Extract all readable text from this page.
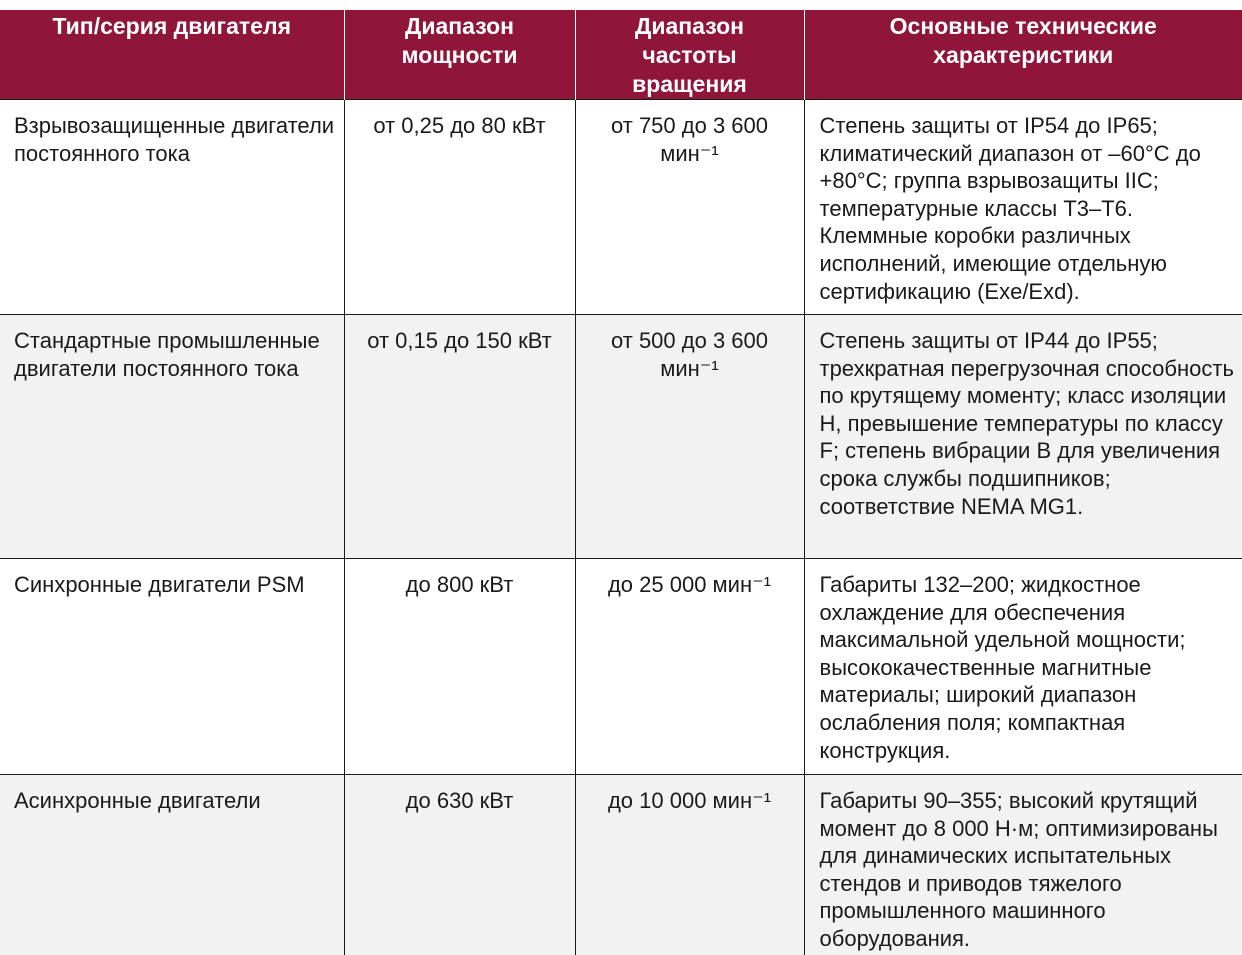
Тип/серия двигателя	Диапазон мощности	Диапазон частоты вращения	Основные технические характеристики
Взрывозащищенные двигатели постоянного тока	от 0,25 до 80 кВт	от 750 до 3 600 мин⁻¹	Степень защиты от IP54 до IP65; климатический диапазон от –60°C до +80°C; группа взрывозащиты IIC; температурные классы Т3–Т6. Клеммные коробки различных исполнений, имеющие отдельную сертификацию (Exe/Exd).
Стандартные промышленные двигатели постоянного тока	от 0,15 до 150 кВт	от 500 до 3 600 мин⁻¹	Степень защиты от IP44 до IP55; трехкратная перегрузочная способность по крутящему моменту; класс изоляции H, превышение температуры по классу F; степень вибрации B для увеличения срока службы подшипников; соответствие NEMA MG1.
Синхронные двигатели PSM	до 800 кВт	до 25 000 мин⁻¹	Габариты 132–200; жидкостное охлаждение для обеспечения максимальной удельной мощности; высококачественные магнитные материалы; широкий диапазон ослабления поля; компактная конструкция.
Асинхронные двигатели	до 630 кВт	до 10 000 мин⁻¹	Габариты 90–355; высокий крутящий момент до 8 000 Н·м; оптимизированы для динамических испытательных стендов и приводов тяжелого промышленного машинного оборудования.
